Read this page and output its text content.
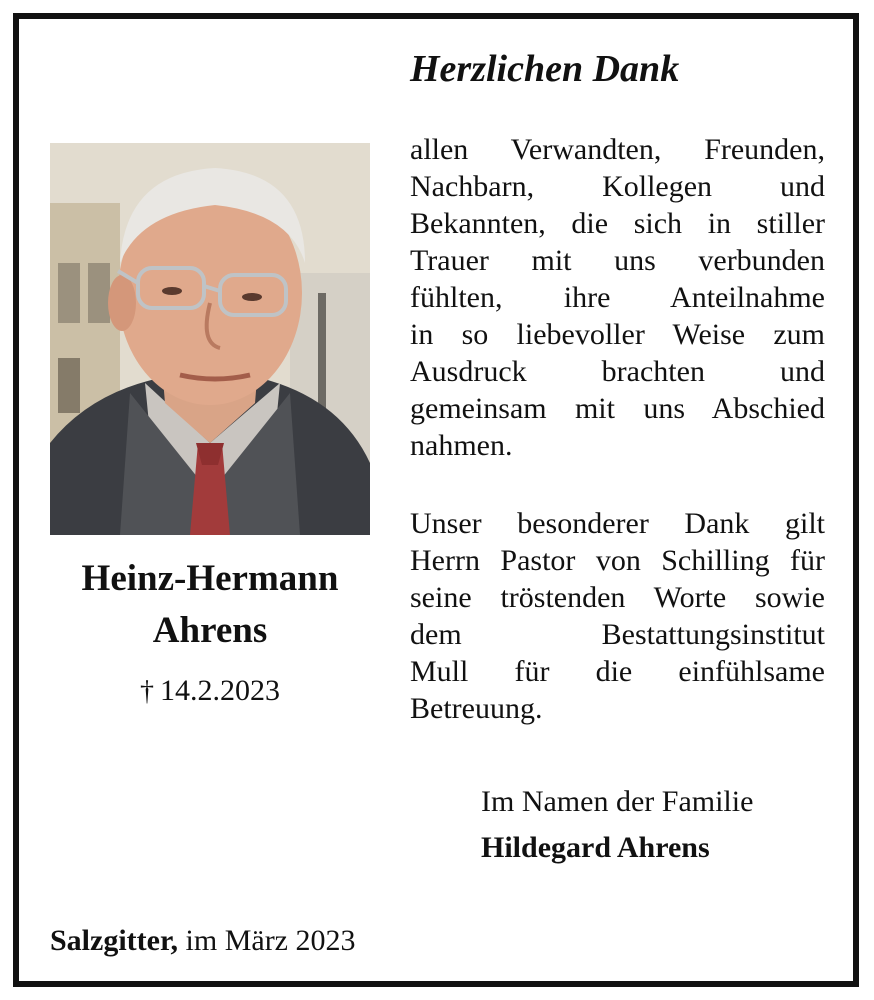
Heinz-Hermann
Ahrens
† 14.2.2023
Herzlichen Dank
allen Verwandten, Freunden,
Nachbarn, Kollegen und
Bekannten, die sich in stiller
Trauer mit uns verbunden
fühlten, ihre Anteilnahme
in so liebevoller Weise zum
Ausdruck brachten und
gemeinsam mit uns Abschied
nahmen.
Unser besonderer Dank gilt
Herrn Pastor von Schilling für
seine tröstenden Worte sowie
dem Bestattungsinstitut
Mull für die einfühlsame
Betreuung.
Im Namen der Familie
Hildegard Ahrens
Salzgitter, im März 2023
